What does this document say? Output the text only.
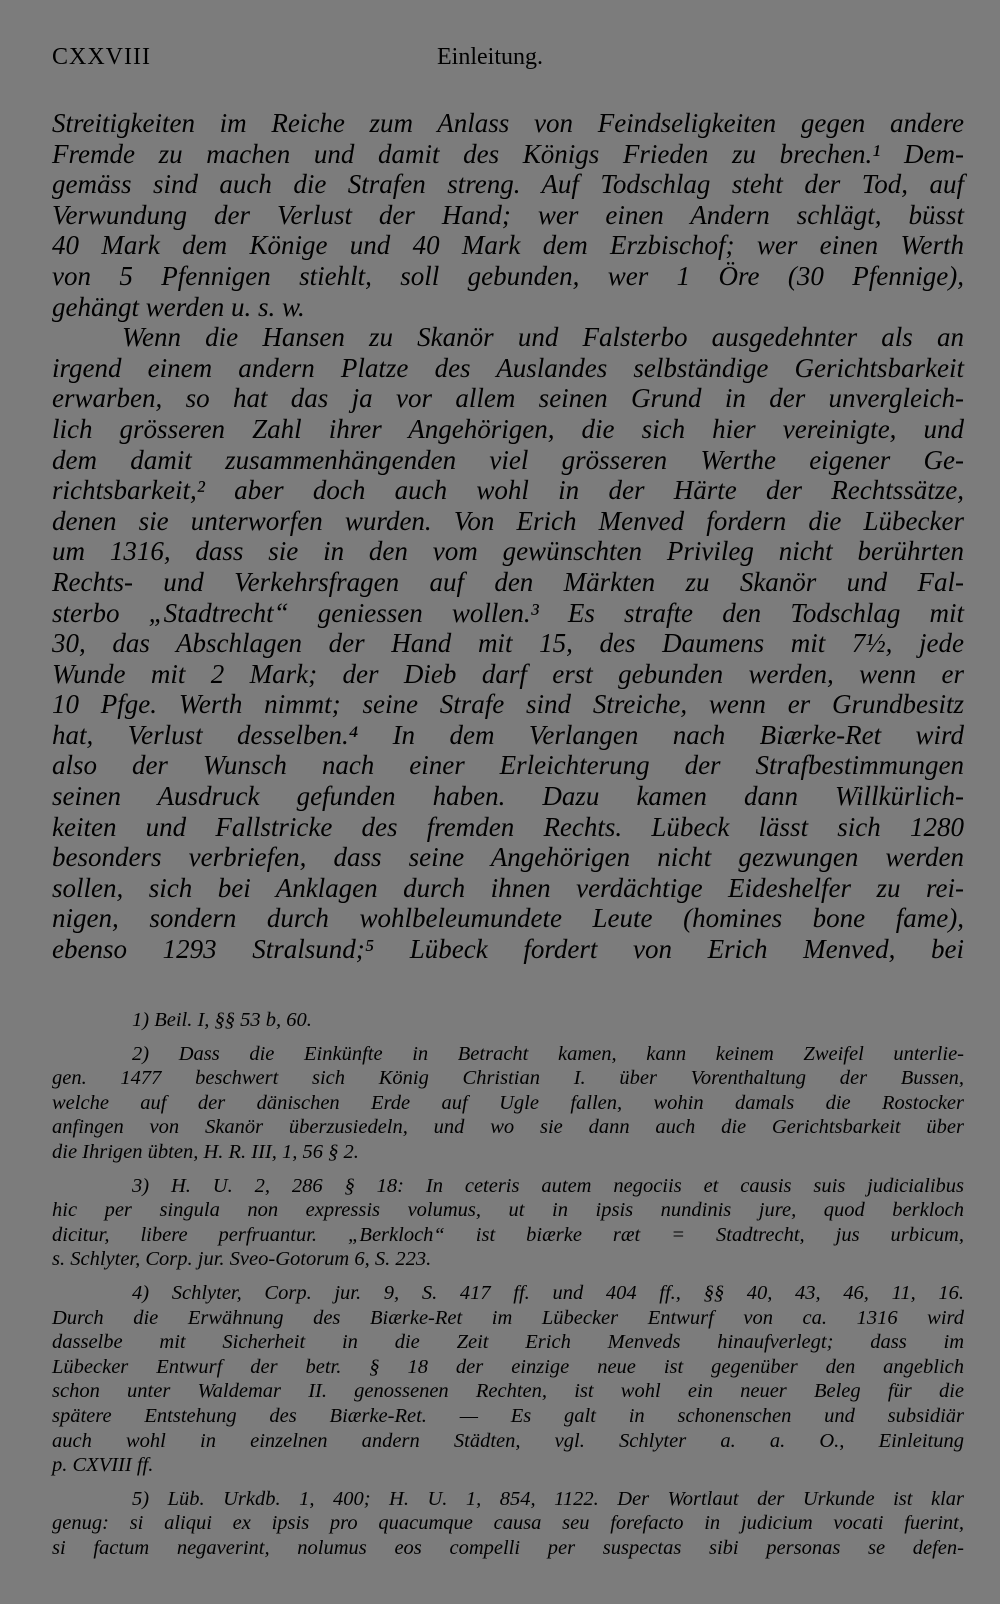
CXXVIII	Einleitung.
Streitigkeiten im Reiche zum Anlass von Feindseligkeiten gegen andere
Fremde zu machen und damit des Königs Frieden zu brechen.¹ Dem-
gemäss sind auch die Strafen streng. Auf Todschlag steht der Tod, auf
Verwundung der Verlust der Hand; wer einen Andern schlägt, büsst
40 Mark dem Könige und 40 Mark dem Erzbischof; wer einen Werth
von 5 Pfennigen stiehlt, soll gebunden, wer 1 Öre (30 Pfennige),
gehängt werden u. s. w.
Wenn die Hansen zu Skanör und Falsterbo ausgedehnter als an
irgend einem andern Platze des Auslandes selbständige Gerichtsbarkeit
erwarben, so hat das ja vor allem seinen Grund in der unvergleich-
lich grösseren Zahl ihrer Angehörigen, die sich hier vereinigte, und
dem damit zusammenhängenden viel grösseren Werthe eigener Ge-
richtsbarkeit,² aber doch auch wohl in der Härte der Rechtssätze,
denen sie unterworfen wurden. Von Erich Menved fordern die Lübecker
um 1316, dass sie in den vom gewünschten Privileg nicht berührten
Rechts- und Verkehrsfragen auf den Märkten zu Skanör und Fal-
sterbo „Stadtrecht“ geniessen wollen.³ Es strafte den Todschlag mit
30, das Abschlagen der Hand mit 15, des Daumens mit 7½, jede
Wunde mit 2 Mark; der Dieb darf erst gebunden werden, wenn er
10 Pfge. Werth nimmt; seine Strafe sind Streiche, wenn er Grundbesitz
hat, Verlust desselben.⁴ In dem Verlangen nach Biærke-Ret wird
also der Wunsch nach einer Erleichterung der Strafbestimmungen
seinen Ausdruck gefunden haben. Dazu kamen dann Willkürlich-
keiten und Fallstricke des fremden Rechts. Lübeck lässt sich 1280
besonders verbriefen, dass seine Angehörigen nicht gezwungen werden
sollen, sich bei Anklagen durch ihnen verdächtige Eideshelfer zu rei-
nigen, sondern durch wohlbeleumundete Leute (homines bone fame),
ebenso 1293 Stralsund;⁵ Lübeck fordert von Erich Menved, bei
1) Beil. I, §§ 53 b, 60.
2) Dass die Einkünfte in Betracht kamen, kann keinem Zweifel unterlie-
gen. 1477 beschwert sich König Christian I. über Vorenthaltung der Bussen,
welche auf der dänischen Erde auf Ugle fallen, wohin damals die Rostocker
anfingen von Skanör überzusiedeln, und wo sie dann auch die Gerichtsbarkeit über
die Ihrigen übten, H. R. III, 1, 56 § 2.
3) H. U. 2, 286 § 18: In ceteris autem negociis et causis suis judicialibus
hic per singula non expressis volumus, ut in ipsis nundinis jure, quod berkloch
dicitur, libere perfruantur. „Berkloch“ ist biærke ræt = Stadtrecht, jus urbicum,
s. Schlyter, Corp. jur. Sveo-Gotorum 6, S. 223.
4) Schlyter, Corp. jur. 9, S. 417 ff. und 404 ff., §§ 40, 43, 46, 11, 16.
Durch die Erwähnung des Biærke-Ret im Lübecker Entwurf von ca. 1316 wird
dasselbe mit Sicherheit in die Zeit Erich Menveds hinaufverlegt; dass im
Lübecker Entwurf der betr. § 18 der einzige neue ist gegenüber den angeblich
schon unter Waldemar II. genossenen Rechten, ist wohl ein neuer Beleg für die
spätere Entstehung des Biærke-Ret. — Es galt in schonenschen und subsidiär
auch wohl in einzelnen andern Städten, vgl. Schlyter a. a. O., Einleitung
p. CXVIII ff.
5) Lüb. Urkdb. 1, 400; H. U. 1, 854, 1122. Der Wortlaut der Urkunde ist klar
genug: si aliqui ex ipsis pro quacumque causa seu forefacto in judicium vocati fuerint,
si factum negaverint, nolumus eos compelli per suspectas sibi personas se defen-
